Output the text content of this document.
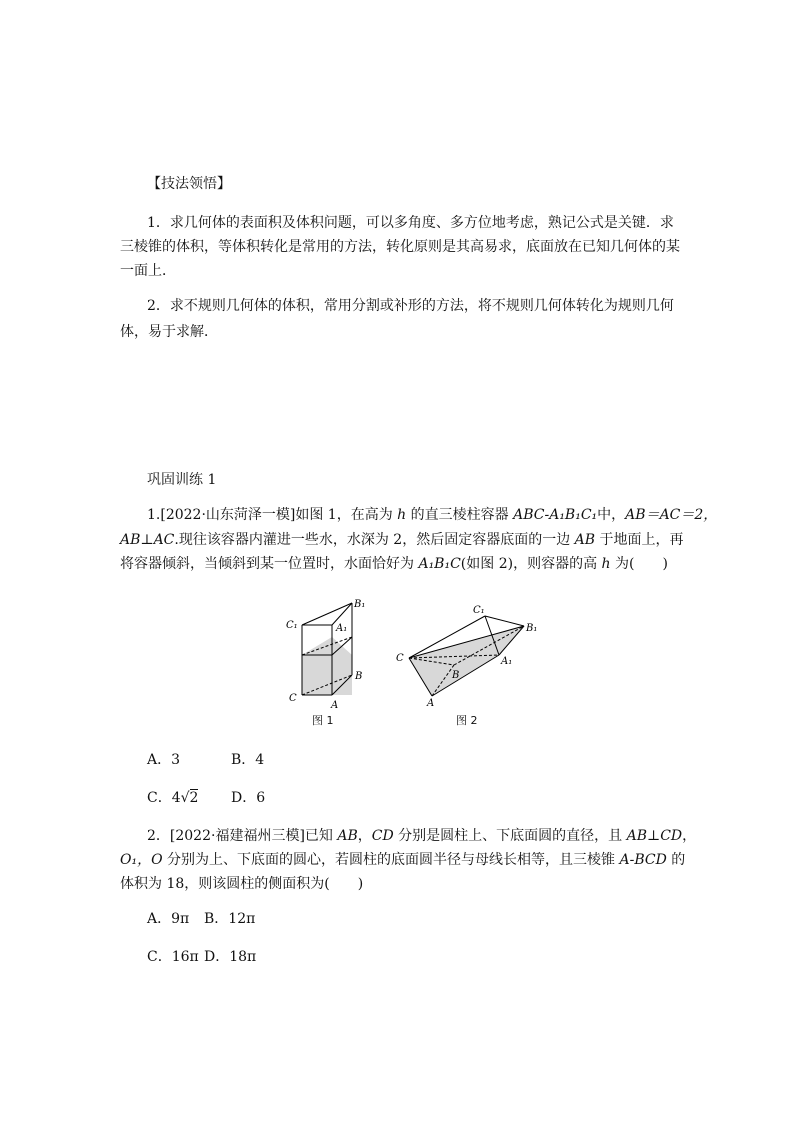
【技法领悟】
1．求几何体的表面积及体积问题，可以多角度、多方位地考虑，熟记公式是关键．求
三棱锥的体积，等体积转化是常用的方法，转化原则是其高易求，底面放在已知几何体的某
一面上．
2．求不规则几何体的体积，常用分割或补形的方法，将不规则几何体转化为规则几何
体，易于求解．
巩固训练 1
1.[2022·山东菏泽一模]如图 1，在高为 h 的直三棱柱容器 ABC-A₁B₁C₁中，AB＝AC＝2，
AB⊥AC.现往该容器内灌进一些水，水深为 2，然后固定容器底面的一边 AB 于地面上，再
将容器倾斜，当倾斜到某一位置时，水面恰好为 A₁B₁C(如图 2)，则容器的高 h 为(　　)
B₁
C₁	A₁
B
C
A
图 1
C₁
B₁
C	A₁
B
A
图 2
A．3	B．4
C．4√2 D．6
2．[2022·福建福州三模]已知 AB，CD 分别是圆柱上、下底面圆的直径，且 AB⊥CD，
O₁，O 分别为上、下底面的圆心，若圆柱的底面圆半径与母线长相等，且三棱锥 A-BCD 的
体积为 18，则该圆柱的侧面积为(　　)
A．9π B．12π
C．16π D．18π
